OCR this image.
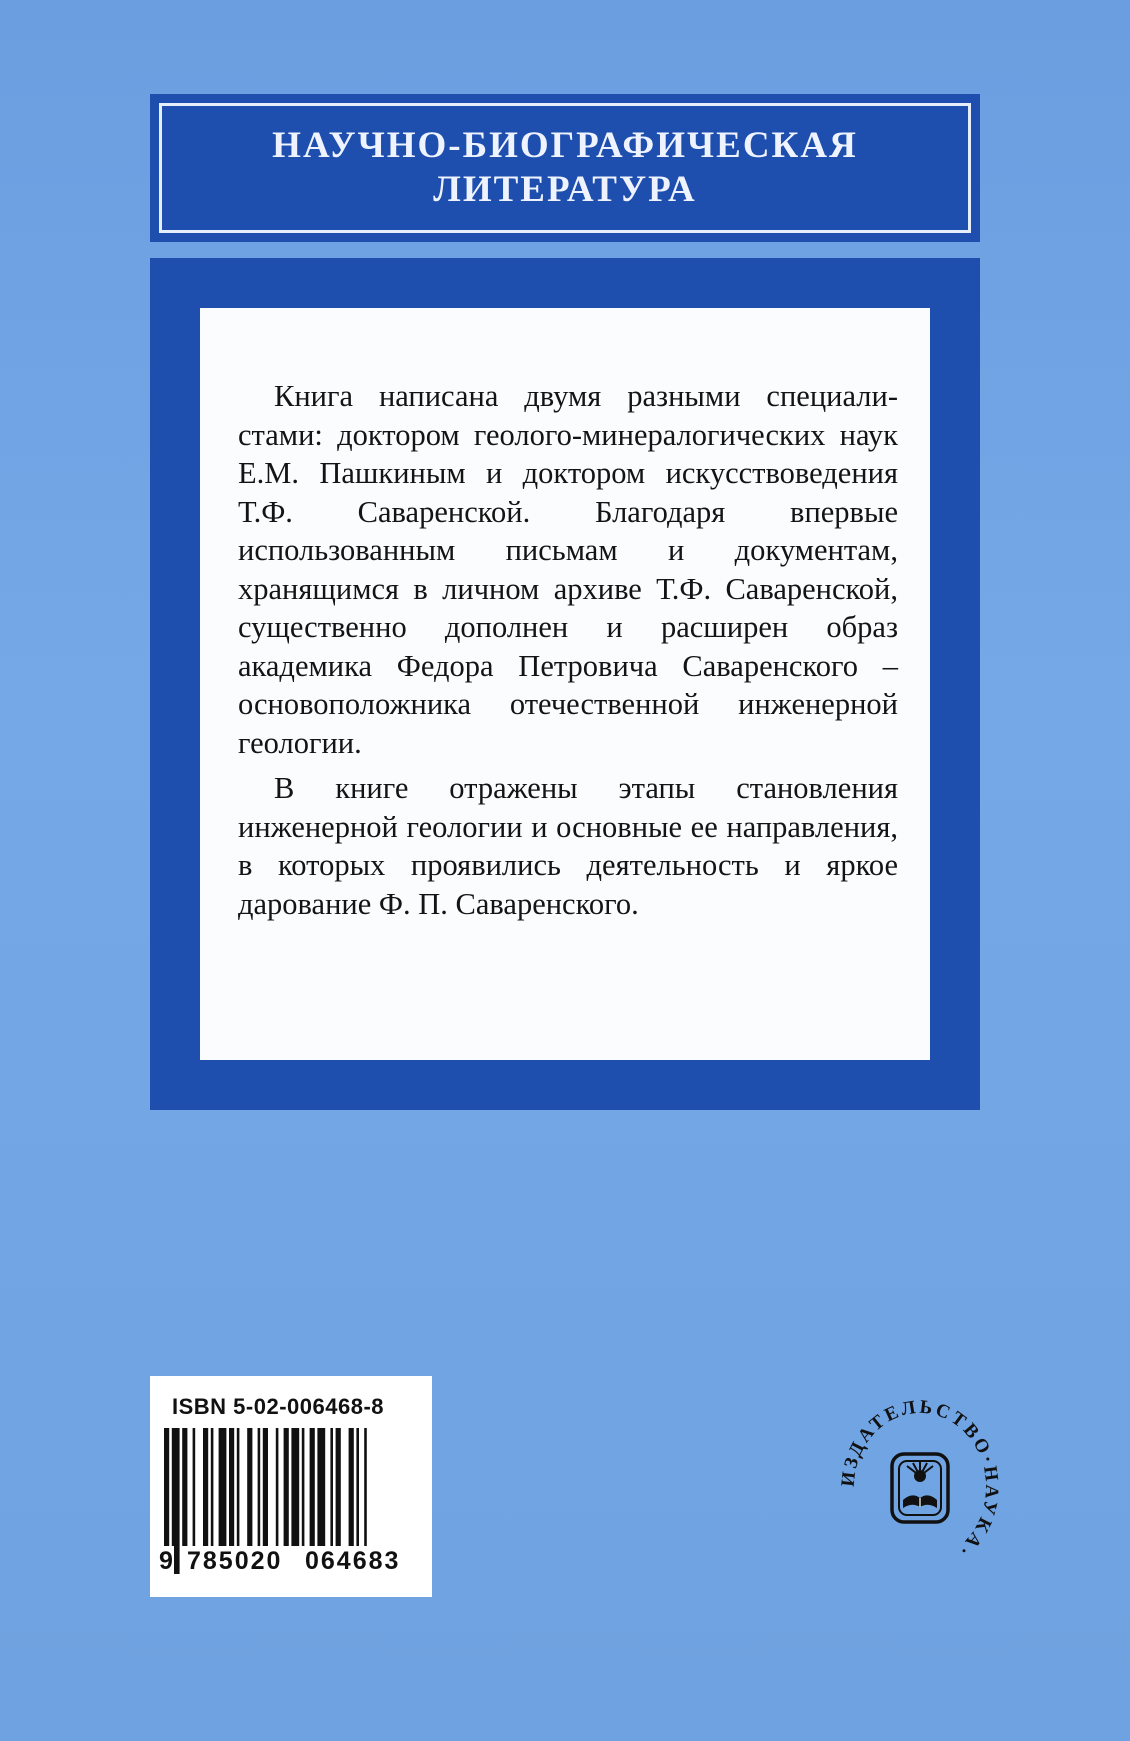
НАУЧНО-БИОГРАФИЧЕСКАЯ
ЛИТЕРАТУРА

Книга написана двумя разными специалистами: доктором геолого-минералогических наук Е.М. Пашкиным и доктором искусствоведения Т.Ф. Саваренской. Благодаря впервые использованным письмам и документам, хранящимся в личном архиве Т.Ф. Саваренской, существенно дополнен и расширен образ академика Федора Петровича Саваренского – основоположника отечественной инженерной геологии.

В книге отражены этапы становления инженерной геологии и основные ее направления, в которых проявились деятельность и яркое дарование Ф. П. Саваренского.

ISBN 5-02-006468-8
9 785020 064683
ИЗДАТЕЛЬСТВО·НАУКА·
